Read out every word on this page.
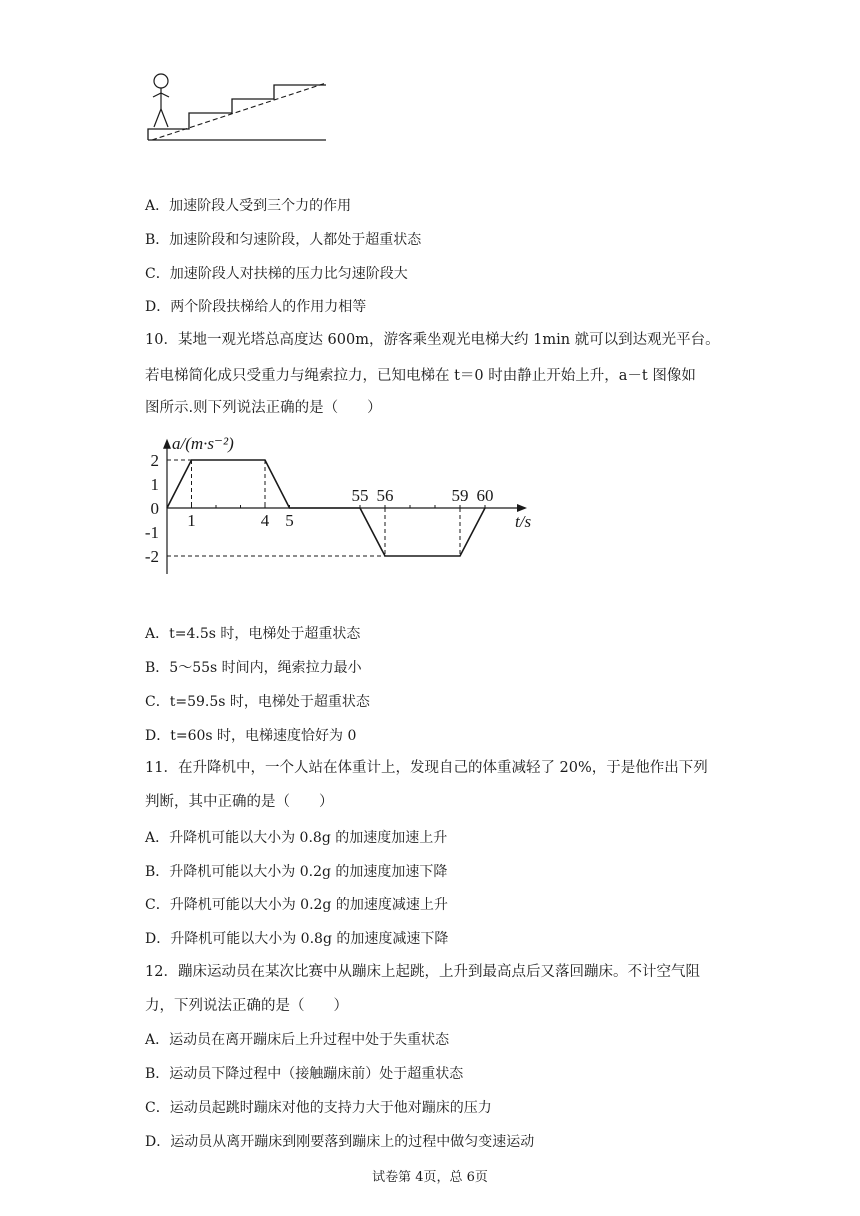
A．加速阶段人受到三个力的作用
B．加速阶段和匀速阶段，人都处于超重状态
C．加速阶段人对扶梯的压力比匀速阶段大
D．两个阶段扶梯给人的作用力相等
10．某地一观光塔总高度达 600m，游客乘坐观光电梯大约 1min 就可以到达观光平台。
若电梯简化成只受重力与绳索拉力，已知电梯在 t＝0 时由静止开始上升，a－t 图像如
图所示.则下列说法正确的是（　　）
2
1
0
-1
-2
1	4 5
55 56	59 60
a/(m·s⁻²)
t/s
A．t=4.5s 时，电梯处于超重状态
B．5～55s 时间内，绳索拉力最小
C．t=59.5s 时，电梯处于超重状态
D．t=60s 时，电梯速度恰好为 0
11．在升降机中，一个人站在体重计上，发现自己的体重减轻了 20%，于是他作出下列
判断，其中正确的是（　　）
A．升降机可能以大小为 0.8g 的加速度加速上升
B．升降机可能以大小为 0.2g 的加速度加速下降
C．升降机可能以大小为 0.2g 的加速度减速上升
D．升降机可能以大小为 0.8g 的加速度减速下降
12．蹦床运动员在某次比赛中从蹦床上起跳，上升到最高点后又落回蹦床。不计空气阻
力，下列说法正确的是（　　）
A．运动员在离开蹦床后上升过程中处于失重状态
B．运动员下降过程中（接触蹦床前）处于超重状态
C．运动员起跳时蹦床对他的支持力大于他对蹦床的压力
D．运动员从离开蹦床到刚要落到蹦床上的过程中做匀变速运动
试卷第 4页，总 6页
